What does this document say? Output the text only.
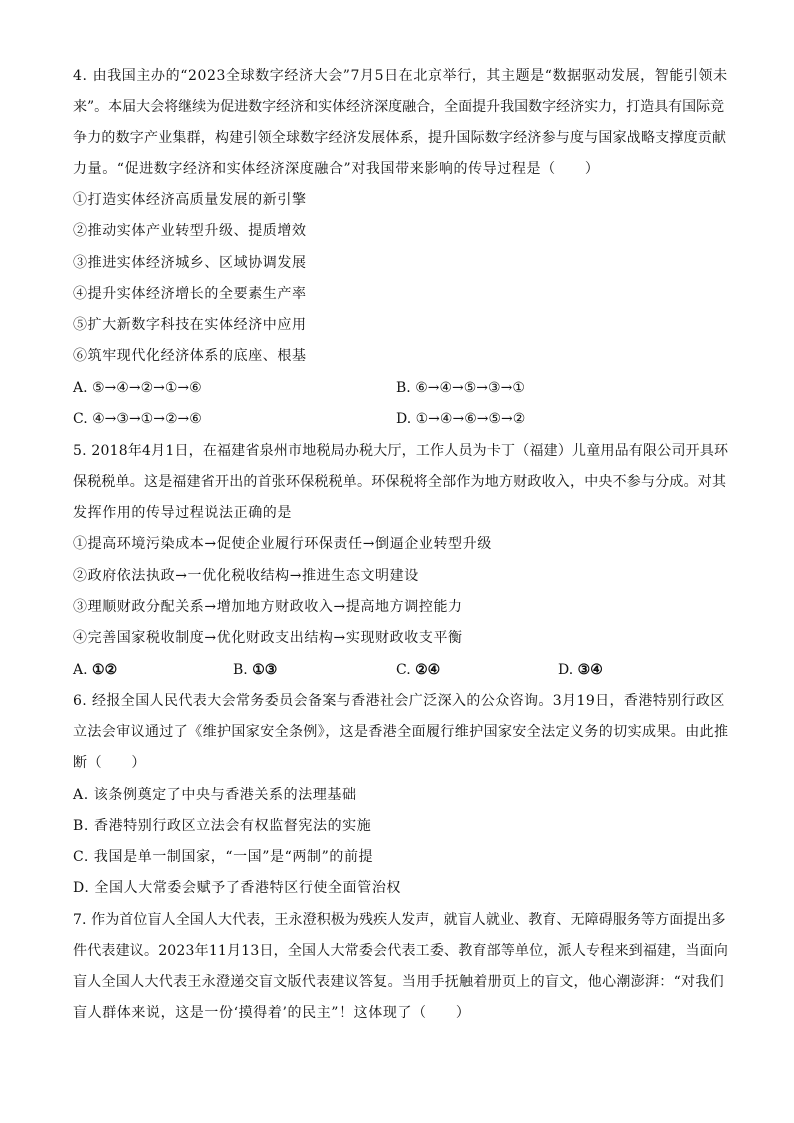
4. 由我国主办的“2023全球数字经济大会”7月5日在北京举行，其主题是“数据驱动发展，智能引领未
来”。本届大会将继续为促进数字经济和实体经济深度融合，全面提升我国数字经济实力，打造具有国际竞
争力的数字产业集群，构建引领全球数字经济发展体系，提升国际数字经济参与度与国家战略支撑度贡献
力量。“促进数字经济和实体经济深度融合”对我国带来影响的传导过程是（　　）
①打造实体经济高质量发展的新引擎
②推动实体产业转型升级、提质增效
③推进实体经济城乡、区域协调发展
④提升实体经济增长的全要素生产率
⑤扩大新数字科技在实体经济中应用
⑥筑牢现代化经济体系的底座、根基
A. ⑤→④→②→①→⑥	B. ⑥→④→⑤→③→①
C. ④→③→①→②→⑥	D. ①→④→⑥→⑤→②
5. 2018年4月1日，在福建省泉州市地税局办税大厅，工作人员为卡丁（福建）儿童用品有限公司开具环
保税税单。这是福建省开出的首张环保税税单。环保税将全部作为地方财政收入，中央不参与分成。对其
发挥作用的传导过程说法正确的是
①提高环境污染成本→促使企业履行环保责任→倒逼企业转型升级
②政府依法执政→一优化税收结构→推进生态文明建设
③理顺财政分配关系→增加地方财政收入→提高地方调控能力
④完善国家税收制度→优化财政支出结构→实现财政收支平衡
A. ①②	B. ①③	C. ②④	D. ③④
6. 经报全国人民代表大会常务委员会备案与香港社会广泛深入的公众咨询。3月19日，香港特别行政区
立法会审议通过了《维护国家安全条例》，这是香港全面履行维护国家安全法定义务的切实成果。由此推
断（　　）
A. 该条例奠定了中央与香港关系的法理基础
B. 香港特别行政区立法会有权监督宪法的实施
C. 我国是单一制国家，“一国”是“两制”的前提
D. 全国人大常委会赋予了香港特区行使全面管治权
7. 作为首位盲人全国人大代表，王永澄积极为残疾人发声，就盲人就业、教育、无障碍服务等方面提出多
件代表建议。2023年11月13日，全国人大常委会代表工委、教育部等单位，派人专程来到福建，当面向
盲人全国人大代表王永澄递交盲文版代表建议答复。当用手抚触着册页上的盲文，他心潮澎湃：“对我们
盲人群体来说，这是一份‘摸得着’的民主”！这体现了（　　）
